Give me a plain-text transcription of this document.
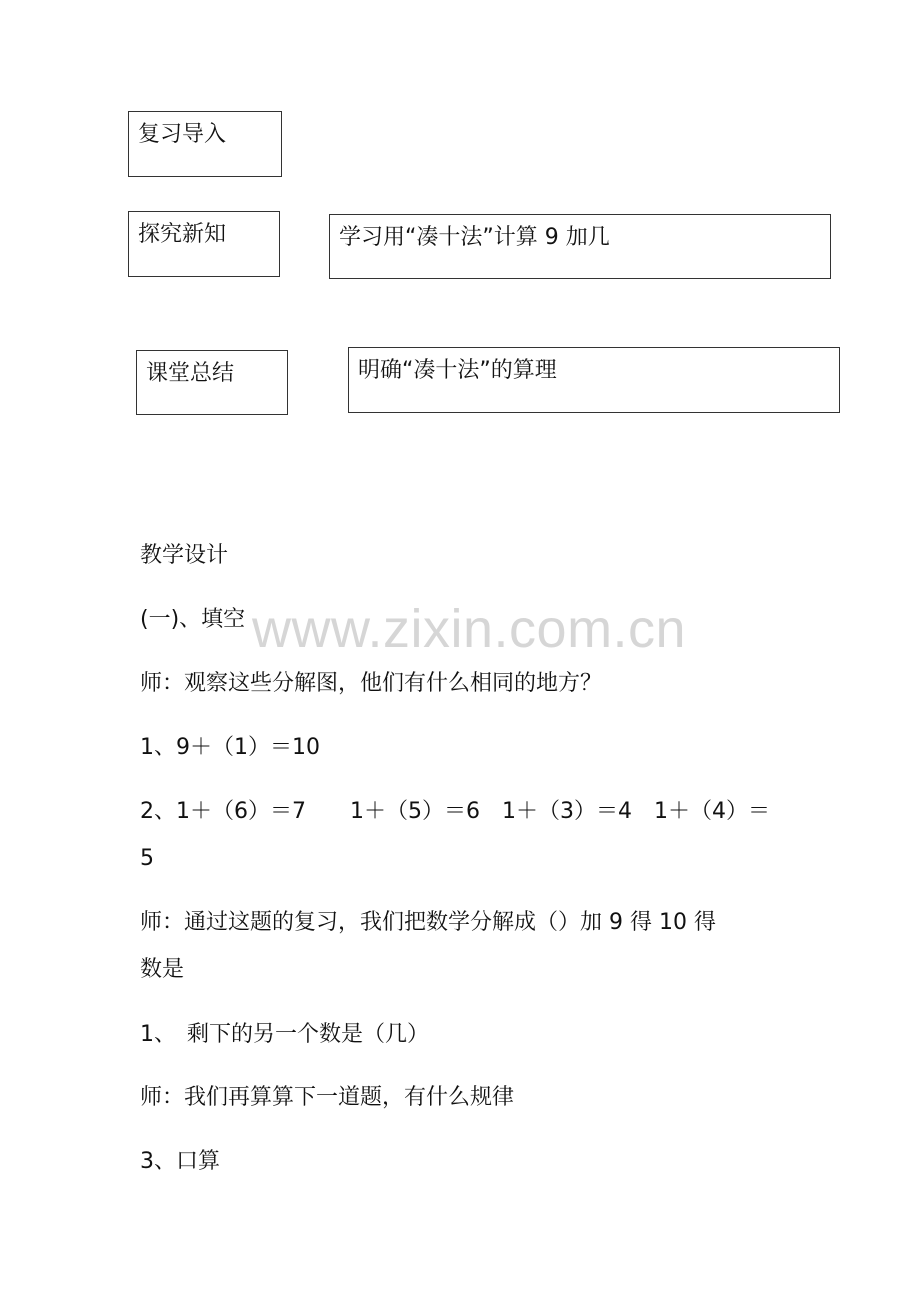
复习导入
探究新知	学习用“凑十法”计算 9 加几
课堂总结	明确“凑十法”的算理
www.zixin.com.cn
教学设计
(一)、填空
师：观察这些分解图，他们有什么相同的地方？
1、9＋（1）＝10
2、1＋（6）＝7　　1＋（5）＝6　1＋（3）＝4　1＋（4）＝
5
师：通过这题的复习，我们把数学分解成（）加 9 得 10 得
数是
1、　剩下的另一个数是（几）
师：我们再算算下一道题，有什么规律
3、口算
